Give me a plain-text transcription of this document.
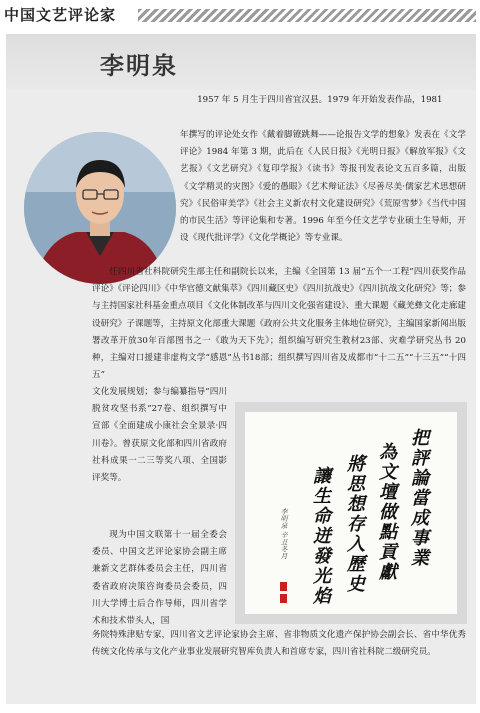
中国文艺评论家
李明泉
1957 年 5 月生于四川省宜汉县。1979 年开始发表作品，1981
年撰写的评论处女作《戴着脚镣跳舞——论报告文学的想象》发表在《文学评论》1984 年第 3 期，此后在《人民日报》《光明日报》《解放军报》《文艺报》《文艺研究》《复印学报》《读书》等报刊发表论文五百多篇，出版《文学精灵的灾图》《爱的愚眼》《艺术辩证法》《尽善尽美·儒家艺术思想研究》《民俗审美学》《社会主义新农村文化建设研究》《荒原雪梦》《当代中国的市民生活》等评论集和专著。1996 年至今任文艺学专业硕士生导师，开设《现代批评学》《文化学概论》等专业课。
任四川省社科院研究生部主任和副院长以来，主编《全国第 13 届“五个一工程”四川获奖作品评论》《评论四川》《中华官德文献集萃》《四川藏区史》《四川抗战史》《四川抗战文化研究》等；参与主持国家社科基金重点项目《文化体制改革与四川文化强省建设》、重大课题《藏羌彝文化走廊建设研究》子课题等，主持原文化部重大课题《政府公共文化服务主体地位研究》，主编国家新闻出版署改革开放30年百部图书之一《敢为天下先》；组织编写研究生教材23部、灾难学研究丛书 20种，主编对口援建非虚构文学“感恩”丛书18部；组织撰写四川省及成都市“十二五”“十三五”“十四五”
文化发展规划；参与编纂指导“四川脱贫攻坚书系”27卷、组织撰写中宣部《全面建成小康社会全景录·四川卷》。曾获原文化部和四川省政府社科成果一二三等奖八项、全国影评奖等。
现为中国文联第十一届全委会委员、中国文艺评论家协会副主席兼新文艺群体委员会主任，四川省委省政府决策咨询委员会委员，四川大学博士后合作导师，四川省学术和技术带头人，国
务院特殊津贴专家，四川省文艺评论家协会主席、省非物质文化遗产保护协会副会长、省中华优秀传统文化传承与文化产业事业发展研究智库负责人和首席专家，四川省社科院二级研究员。
把評論當成事業
為文壇做點貢獻
將思想存入歷史
讓生命迸發光焰
李明泉 辛丑冬月
